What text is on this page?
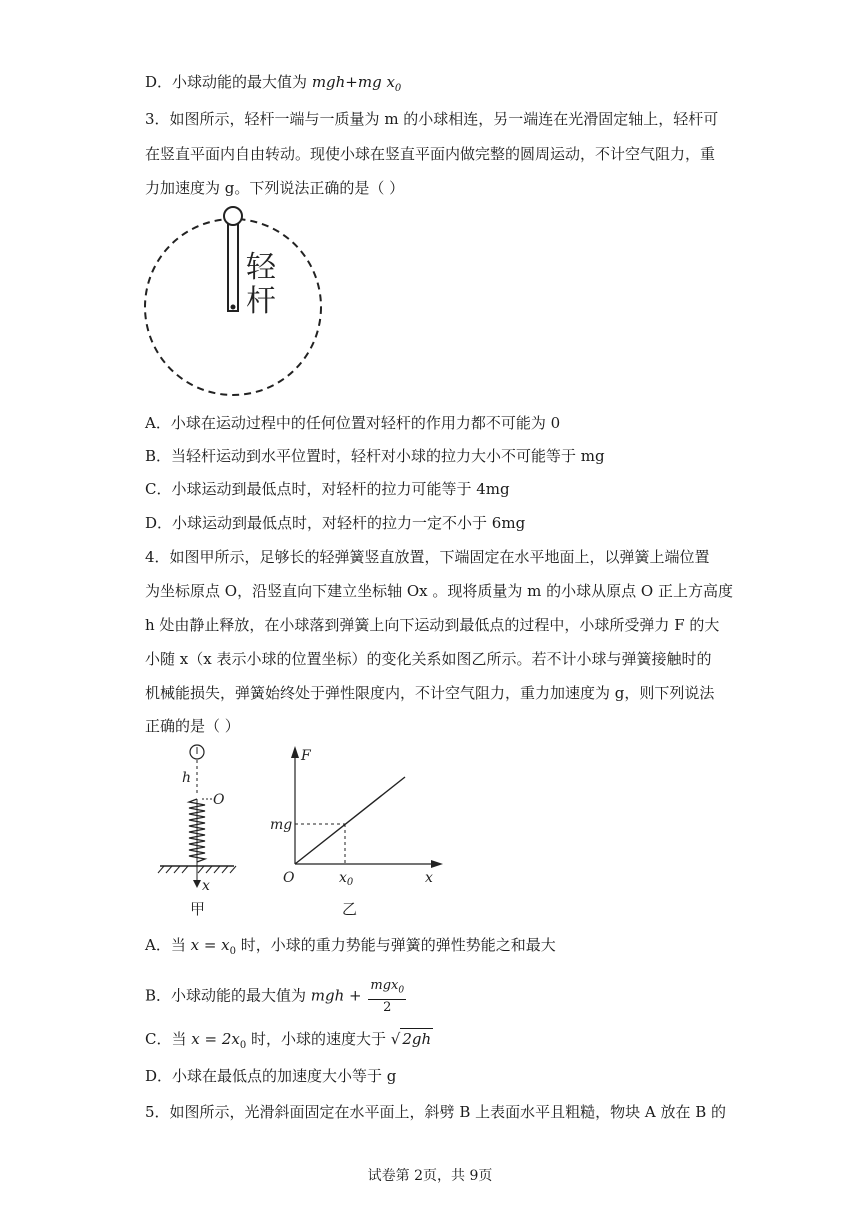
D．小球动能的最大值为 mgh+mg $x_0$
3．如图所示，轻杆一端与一质量为 m 的小球相连，另一端连在光滑固定轴上，轻杆可
在竖直平面内自由转动。现使小球在竖直平面内做完整的圆周运动，不计空气阻力，重
力加速度为 g。下列说法正确的是（ ）
轻
杆
A．小球在运动过程中的任何位置对轻杆的作用力都不可能为 0
B．当轻杆运动到水平位置时，轻杆对小球的拉力大小不可能等于 mg
C．小球运动到最低点时，对轻杆的拉力可能等于 4mg
D．小球运动到最低点时，对轻杆的拉力一定不小于 6mg
4．如图甲所示，足够长的轻弹簧竖直放置，下端固定在水平地面上，以弹簧上端位置
为坐标原点 O，沿竖直向下建立坐标轴 Ox 。现将质量为 m 的小球从原点 O 正上方高度
h 处由静止释放，在小球落到弹簧上向下运动到最低点的过程中，小球所受弹力 F 的大
小随 x（x 表示小球的位置坐标）的变化关系如图乙所示。若不计小球与弹簧接触时的
机械能损失，弹簧始终处于弹性限度内，不计空气阻力，重力加速度为 g，则下列说法
正确的是（ ）
h
O
x
甲
F
x
O
mg
$x_0$
乙
A．当 $x = x_0$ 时，小球的重力势能与弹簧的弹性势能之和最大
B．小球动能的最大值为 mgh + $\frac{mgx_0}{2}$
C．当 $x = 2x_0$ 时，小球的速度大于 √ 2gh
D．小球在最低点的加速度大小等于 g
5．如图所示，光滑斜面固定在水平面上，斜劈 B 上表面水平且粗糙，物块 A 放在 B 的
试卷第 2页，共 9页
